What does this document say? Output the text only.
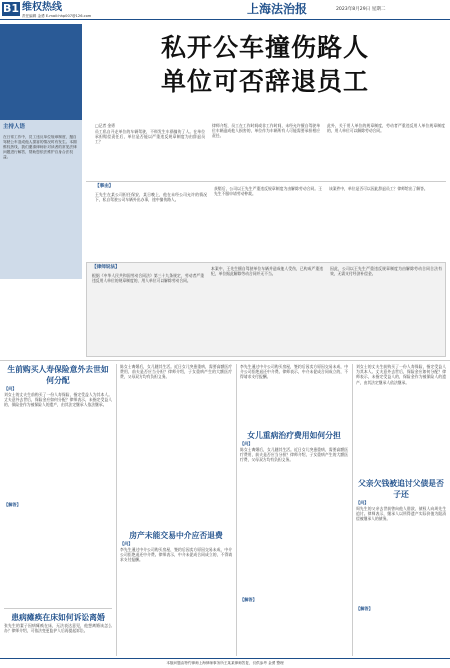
B1 维权热线
责任编辑 金勇 E-mail:hhp007@126.com	上海法治报	2023年8月29日 星期二
主持人语
在日常工作中，员工违反单位规章制度，擅自驾驶公车造成他人损害的情况时有发生。本期维权热线，我们邀请律师针对读者的常见法律问题进行解答，帮助您依法维护自身合法权益。
私开公车撞伤路人
单位可否辞退员工
□记者 金勇
员工私自开走单位的车辆驾驶，不料发生车祸撞伤了人。在单位承担赔偿责任后，单位是否能以严重违反规章制度为由辞退员工？
律师介绍，员工在工作时间或非工作时间，未经允许擅自驾驶单位车辆造成他人损害的，单位作为车辆所有人可能需要承担相应责任。
此外，关于用人单位的规章制度，劳动者严重违反用人单位规章制度的，用人单位可以解除劳动合同。
【事由】
王先生在某公司担任保安，某日晚上，他在未经公司允许的情况下，私自驾驶公司车辆外出办事，途中撞伤路人。
获赔后，公司以王先生严重违反规章制度为由解除劳动合同。王先生不服申请劳动仲裁。
该案件中，单位是否可以因此辞退员工？律师给出了解答。
【律师说法】
根据《中华人民共和国劳动合同法》第三十九条规定，劳动者严重违反用人单位的规章制度的，用人单位可以解除劳动合同。
本案中，王先生擅自驾驶单位车辆并造成他人受伤，已构成严重违纪，单位据此解除劳动合同并无不当。
因此，公司以王先生严重违反规章制度为由解除劳动合同合法有效，无需支付经济补偿金。
生前购买人寿保险意外去世如何分配
【问】
刘女士的丈夫生前购买了一份人寿保险，指定受益人为其本人。丈夫意外去世后，保险金应如何分配？律师表示，未指定受益人的，保险金作为被保险人的遗产，由其法定继承人依法继承。
【解答】
患病瘫痪在床如何诉讼离婚
张先生的妻子因病瘫痪在床，无法表达意见，他想离婚该怎么办？律师介绍，可依法变更监护人后再提起诉讼。
陈女士离婚后，女儿随其生活。近日女儿突患重病，需要高额医疗费用，前夫是否应当分担？律师介绍，子女重病产生的大额医疗费，父母双方均有负担义务。
房产未能交易中介应否退费
【问】
李先生通过中介公司购买房屋，签约后因卖方原因交易未成，中介公司拒绝退还中介费。律师表示，中介未促成合同成立的，不得请求支付报酬。
李先生通过中介公司购买房屋，签约后因卖方原因交易未成，中介公司拒绝退还中介费。律师表示，中介未促成合同成立的，不得请求支付报酬。
女儿重病治疗费用如何分担
【问】
陈女士离婚后，女儿随其生活。近日女儿突患重病，需要高额医疗费用，前夫是否应当分担？律师介绍，子女重病产生的大额医疗费，父母双方均有负担义务。
【解答】
刘女士的丈夫生前购买了一份人寿保险，指定受益人为其本人。丈夫意外去世后，保险金应如何分配？律师表示，未指定受益人的，保险金作为被保险人的遗产，由其法定继承人依法继承。
父亲欠钱被追讨父债是否子还
【问】
周先生的父亲去世前曾向他人借款，债权人向周先生追讨。律师表示，继承人以所得遗产实际价值为限清偿被继承人的债务。
【解答】
本版问题由特约律师上海律师事务所王某某律师答复，仅供参考 金勇 整理
